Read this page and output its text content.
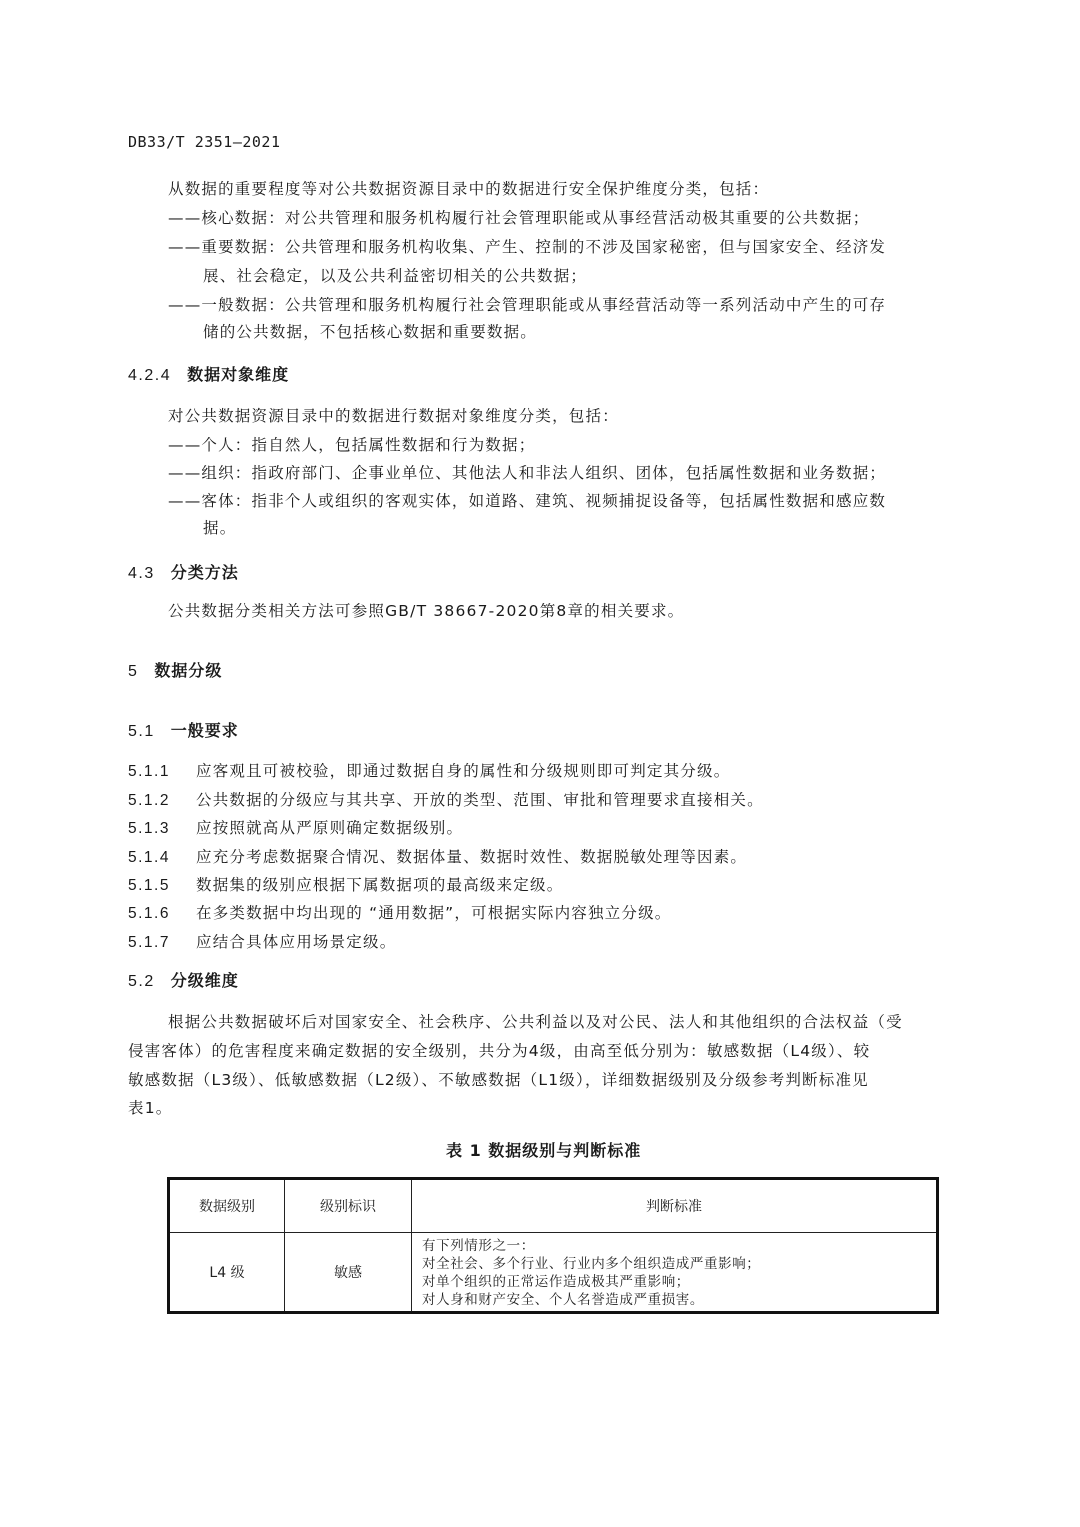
DB33/T 2351—2021
从数据的重要程度等对公共数据资源目录中的数据进行安全保护维度分类，包括：
——核心数据：对公共管理和服务机构履行社会管理职能或从事经营活动极其重要的公共数据；
——重要数据：公共管理和服务机构收集、产生、控制的不涉及国家秘密，但与国家安全、经济发
展、社会稳定，以及公共利益密切相关的公共数据；
——一般数据：公共管理和服务机构履行社会管理职能或从事经营活动等一系列活动中产生的可存
储的公共数据，不包括核心数据和重要数据。
4.2.4 数据对象维度
对公共数据资源目录中的数据进行数据对象维度分类，包括：
——个人：指自然人，包括属性数据和行为数据；
——组织：指政府部门、企事业单位、其他法人和非法人组织、团体，包括属性数据和业务数据；
——客体：指非个人或组织的客观实体，如道路、建筑、视频捕捉设备等，包括属性数据和感应数
据。
4.3 分类方法
公共数据分类相关方法可参照GB/T 38667-2020第8章的相关要求。
5 数据分级
5.1 一般要求
5.1.1 应客观且可被校验，即通过数据自身的属性和分级规则即可判定其分级。
5.1.2 公共数据的分级应与其共享、开放的类型、范围、审批和管理要求直接相关。
5.1.3 应按照就高从严原则确定数据级别。
5.1.4 应充分考虑数据聚合情况、数据体量、数据时效性、数据脱敏处理等因素。
5.1.5 数据集的级别应根据下属数据项的最高级来定级。
5.1.6 在多类数据中均出现的 “通用数据”，可根据实际内容独立分级。
5.1.7 应结合具体应用场景定级。
5.2 分级维度
根据公共数据破坏后对国家安全、社会秩序、公共利益以及对公民、法人和其他组织的合法权益（受
侵害客体）的危害程度来确定数据的安全级别，共分为4级，由高至低分别为：敏感数据（L4级）、较
敏感数据（L3级）、低敏感数据（L2级）、不敏感数据（L1级），详细数据级别及分级参考判断标准见
表1。
表 1 数据级别与判断标准
数据级别	级别标识	判断标准
L4 级	敏感	有下列情形之一：
对全社会、多个行业、行业内多个组织造成严重影响；
对单个组织的正常运作造成极其严重影响；
对人身和财产安全、个人名誉造成严重损害。
